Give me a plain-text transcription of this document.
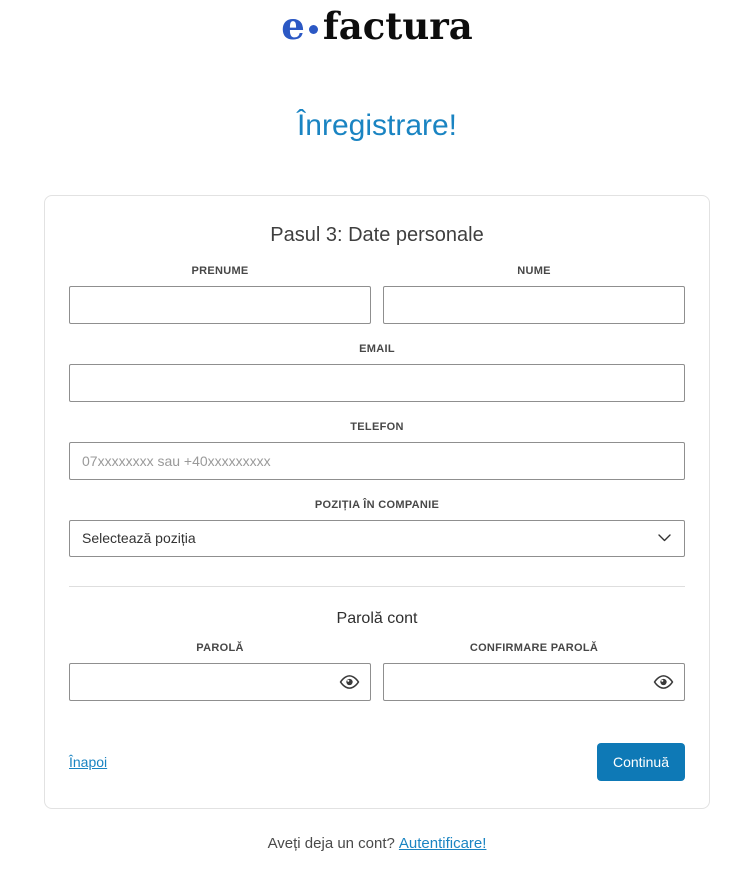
e factura
Înregistrare!
Pasul 3: Date personale
PRENUME	NUME
EMAIL
TELEFON
07xxxxxxxx sau +40xxxxxxxxx
POZIȚIA ÎN COMPANIE
Selectează poziția
Parolă cont
PAROLĂ	CONFIRMARE PAROLĂ
Înapoi	Continuă
Aveți deja un cont? Autentificare!
